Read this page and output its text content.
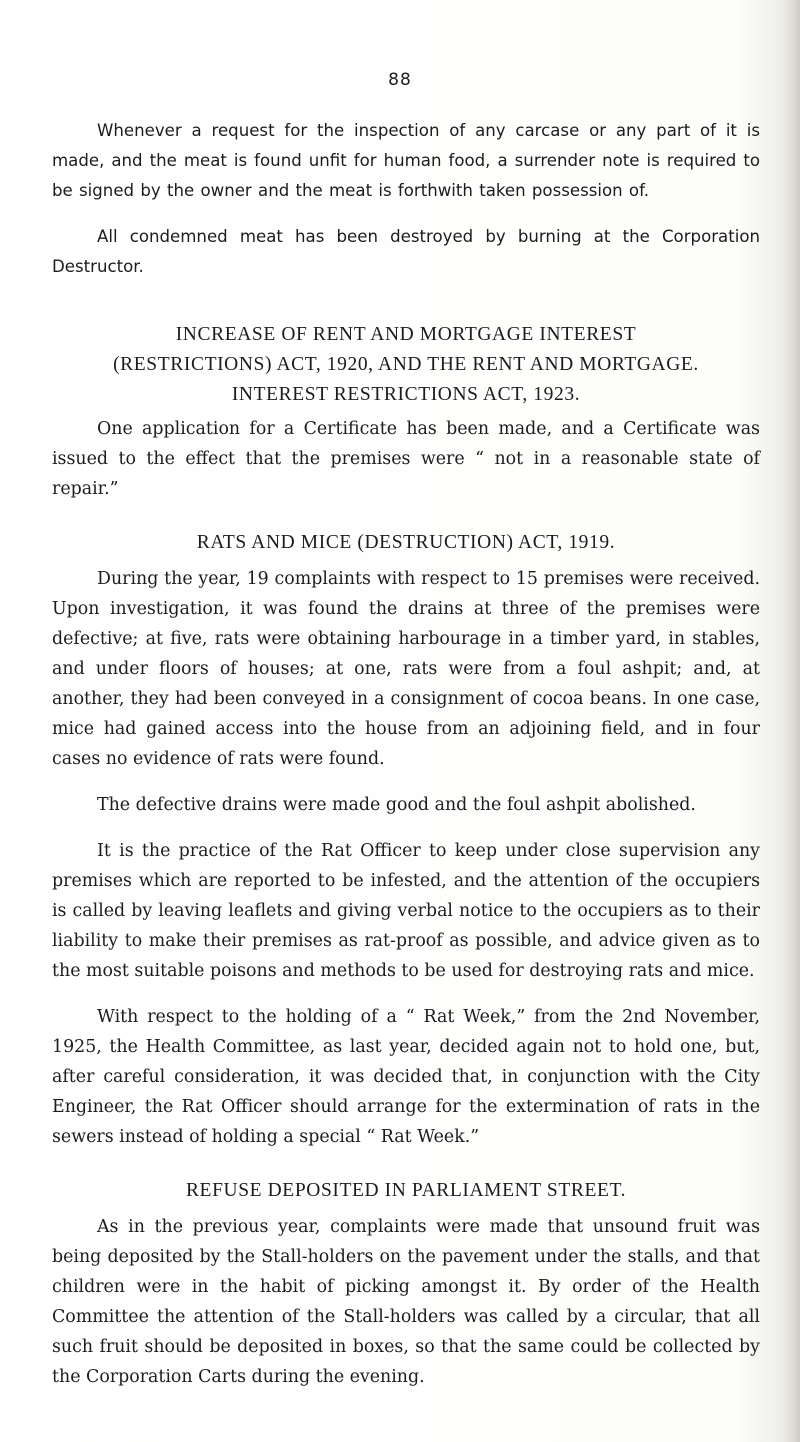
88

Whenever a request for the inspection of any carcase or any part of it is made, and the meat is found unfit for human food, a surrender note is required to be signed by the owner and the meat is forthwith taken possession of.

All condemned meat has been destroyed by burning at the Corporation Destructor.

INCREASE OF RENT AND MORTGAGE INTEREST

(RESTRICTIONS) ACT, 1920, AND THE RENT AND MORTGAGE.

INTEREST RESTRICTIONS ACT, 1923.

One application for a Certificate has been made, and a Certificate was issued to the effect that the premises were “ not in a reasonable state of repair.”

RATS AND MICE (DESTRUCTION) ACT, 1919.

During the year, 19 complaints with respect to 15 premises were received. Upon investigation, it was found the drains at three of the premises were defective; at five, rats were obtaining harbourage in a timber yard, in stables, and under floors of houses; at one, rats were from a foul ashpit; and, at another, they had been conveyed in a consignment of cocoa beans. In one case, mice had gained access into the house from an adjoining field, and in four cases no evidence of rats were found.

The defective drains were made good and the foul ashpit abolished.

It is the practice of the Rat Officer to keep under close supervision any premises which are reported to be infested, and the attention of the occupiers is called by leaving leaflets and giving verbal notice to the occupiers as to their liability to make their premises as rat-proof as possible, and advice given as to the most suitable poisons and methods to be used for destroying rats and mice.

With respect to the holding of a “ Rat Week,” from the 2nd November, 1925, the Health Committee, as last year, decided again not to hold one, but, after careful consideration, it was decided that, in conjunction with the City Engineer, the Rat Officer should arrange for the extermination of rats in the sewers instead of holding a special “ Rat Week.”

REFUSE DEPOSITED IN PARLIAMENT STREET.

As in the previous year, complaints were made that unsound fruit was being deposited by the Stall-holders on the pavement under the stalls, and that children were in the habit of picking amongst it. By order of the Health Committee the attention of the Stall-holders was called by a circular, that all such fruit should be deposited in boxes, so that the same could be collected by the Corporation Carts during the evening.
